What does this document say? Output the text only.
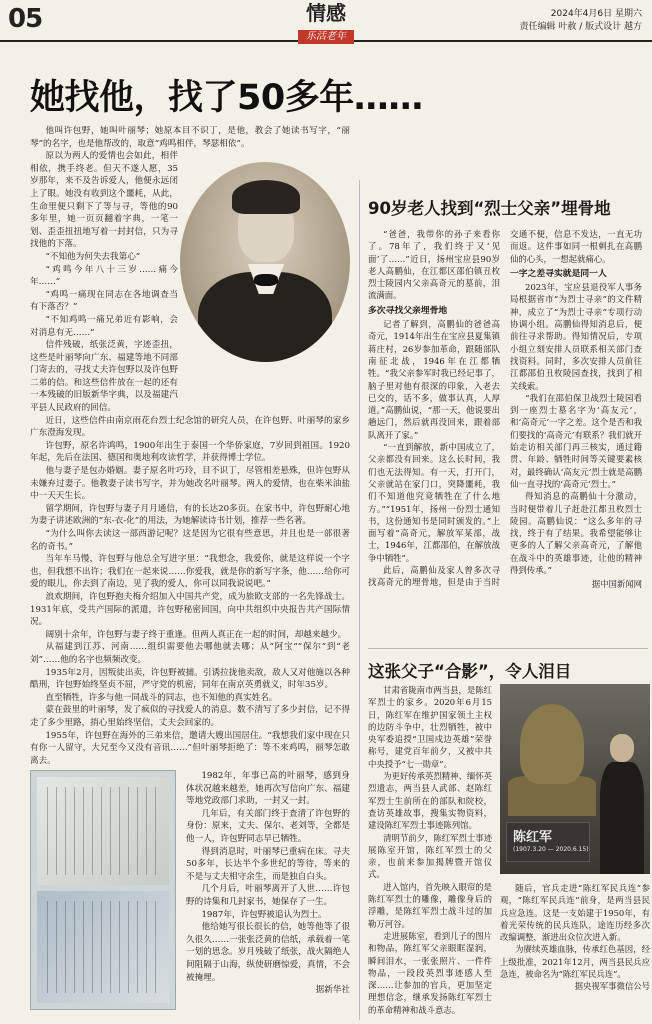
05	情感
乐活老年
2024年4月6日 星期六
责任编辑 叶赦 / 版式设计 越方
她找他，找了50多年……

他叫许包野，她叫叶丽琴；她原本目不识丁，是他，教会了她读书写字，“丽琴”的名字，也是他帮改的，取意“鸡鸣相伴，琴瑟相依”。

原以为两人的爱情也会如此，相伴相依，携手终老。但天不遂人愿，35岁那年，来不及告诉爱人，他便永远闭上了眼。她没有收到这个噩耗，从此，生命里便只剩下了等与寻，等他的90多年里，她一页页翻着字典，一笔一划、歪歪扭扭地写着一封封信，只为寻找他的下落。

“不知他为何失去我第心”

“鸡鸣今年八十三岁……痛今年……”

“鸡鸣一痛现在同志在各地调查当有下落否？”

“不知鸡鸣一痛兄弟近有影响，会对消息有无……”

信件残破，纸张泛黄，字迹歪扭，这些是叶丽琴向广东、福建等地不同部门寄去的，寻找丈夫许包野以及许包野二弟的信。和这些信件放在一起的还有一本残破的旧版新华字典，以及福建汽平县人民政府的回信。

近日，这些信件由南京雨花台烈士纪念馆的研究人员，在许包野、叶丽琴的家乡广东澄海发现。

许包野，原名许鸿鸣，1900年出生于泰国一个华侨家庭，7岁回到祖国。1920年起，先后在法国、德国和奥地利攻读哲学，并获得博士学位。

他与妻子是包办婚姻。妻子原名叶巧玲，目不识丁，尽管相差悬殊，但许包野从未嫌弃过妻子。他教妻子读书写字，并为她改名叶丽琴。两人的爱情，也在柴米油盐中一天天生长。

留学期间，许包野与妻子月月通信，有的长达20多页。在家书中，许包野耐心地为妻子讲述欧洲的“东-衣-化”的用法，为她解读诗书计划，推荐一些名著。

“为什么叫你去读这一部西游记呢？这是因为它很有些意思，并且也是一部很著名的奇书。”

当年车马慢，许包野与他总全写进字里：“我想念，我爱你，就是这样说一个字也，但我想不出许；我们在一起来说……你爱我，就是你的新写字条，他……给你可爱的眼儿，你去到了南边，见了我的爱人，你可以同我说说吧。”

浪欢期间，许包野抱夫梅介绍加入中国共产党，成为旅欧支部的一名先锋战士。1931年底，受共产国际的派遣，许包野秘密回国，向中共组织中央报告共产国际情况。

阔别十余年，许包野与妻子终于重逢。但两人真正在一起的时间，却越来越少。

从福建到江苏、河南……组织需要他去哪他就去哪；从“阿宝”“保尔”到“老刘”……他的名字也频频改变。

1935年2月，因叛徒出卖，许包野被捕。引诱拉拢他卖敌，敌人又对他施以各种酷刑，许包野始终坚贞不屈，严守党的机密，同年在南京英勇就义，时年35岁。

直至牺牲，许多与他一同战斗的同志，也不知他的真实姓名。

蒙在鼓里的叶丽琴，发了疯似的寻找爱人的消息。数不清写了多少封信，记不得走了多少里路，捎心里始终坚信，丈夫会回家的。

1955年，许包野在海外的三弟来信，邀请大嫂出国居住。“我想我们家中现在只有你一人留守，大兄至今又没有音讯……”但叶丽琴拒绝了：等不来鸡鸣，丽琴怎敢离去。

1982年，年事已高的叶丽琴，感到身体状况越来越差，她再次写信向广东、福建等地党政部门求助，一封又一封。

几年后，有关部门终于查清了许包野的身份：原来，丈夫、保尔、老刘等，全都是他一人，许包野同志早已牺牲。

得到消息时，叶丽琴已重病在床。寻夫50多年，长达半个多世纪的等待，等来的不是与丈夫相守余生，而是独自白头。

几个月后，叶丽琴离开了人世……许包野的诗集和几封家书，她保存了一生。

1987年，许包野被追认为烈士。

他给她写很长很长的信，她等他等了很久很久……一张张泛黄的信纸，承载着一笔一划的思念。岁月残破了纸张，战火隔绝人间阻隔于山海，纵使研磨惊爱，真情，不会被掩埋。

据新华社
90岁老人找到“烈士父亲”埋骨地

“爸爸，我带你的孙子来看你了。78年了，我们终于又‘见面’了……”近日，扬州宝应县90岁老人高鹏仙，在江都区邵伯镇丑枚烈士陵园内父亲高奇元的墓前，泪流满面。

多次寻找父亲埋骨地

记者了解到，高鹏仙的爸爸高奇元，1914年出生在宝应县夏集镇蒋庄村，26岁参加革命，跟随部队南征北战，1946年在江都牺牲。“我父亲参军时我已经记事了，脑子里对他有很深的印象，入老去已交的，话不多，做事认真，人厚道。”高鹏仙说，“那一天，他说要出趟远门，然后就再没回来，跟着部队离开了家。”

“一直到解放，新中国成立了，父亲都没有回来。这么长时间，我们也无法得知。有一天，打开门，父亲就站在家门口，突降噩耗，我们不知道他究竟牺牲在了什么地方。”“1951年，扬州一份烈士通知书，这份通知书是同时颁发的。”上面写着“高奇元，解放军某部，战士，1946年，江都邵伯，在解放战争中牺牲”。

此后，高鹏仙及家人曾多次寻找高奇元的埋骨地，但是由于当时交通不便，信息不发达，一直无功而返。这件事如同一根刺扎在高鹏仙的心头，一想起就痛心。

一字之差寻实就是同一人

2023年，宝应县退役军人事务局根据省市“为烈士寻亲”的文件精神，成立了“为烈士寻亲”专项行动协调小组。高鹏仙得知消息后，便前往寻求帮助。得知情况后，专项小组立刻安排人员联系相关部门查找资料。同时，多次安排人员前往江都邵伯丑枚陵园查找，找到了相关线索。

“我们在邵伯保卫战烈士陵园看到一座烈士墓名字为‘高友元’，和‘高奇元’一字之差。这个是否和我们要找的‘高奇元’有联系？我们就开始走访相关部门再三核实，通过籍贯、年龄、牺牲时间等关键要素核对，最终确认‘高友元’烈士就是高鹏仙一直寻找的‘高奇元’烈士。”

得知消息的高鹏仙十分激动，当时便带着儿子赶赴江都丑枚烈士陵园。高鹏仙说：“这么多年的寻找，终于有了结果。我希望能够让更多的人了解父亲高奇元，了解他在战斗中的英雄事迹，让他的精神得到传承。”

据中国新闻网
这张父子“合影”，令人泪目
陈红军
(1907.3.20 — 2020.6.15)

甘肃省陇南市两当县，是陈红军烈士的家乡。2020年6月15日，陈红军在维护国家领土主权的边防斗争中，壮烈牺牲，被中央军委追授“卫国戍边英雄”荣誉称号，建党百年前夕，又被中共中央授予“七一勋章”。

为更好传承英烈精神、缅怀英烈遗志，两当县人武部、赵陈红军烈士生前所在的部队和院校，查访英雄故事，搜集实物资料，建设陈红军烈士事迹陈列馆。

清明节前夕，陈红军烈士事迹展陈室开馆，陈红军烈士的父亲，也前来参加揭牌暨开馆仪式。

进入馆内，首先映入眼帘的是陈红军烈士的雕像，雕像身后的浮雕，是陈红军烈士战斗过的加勒万河谷。

走进展陈室，看到儿子的图片和物品，陈红军父亲眼眶湿润，瞬间泪水，一张张照片、一件件物品，一段段英烈事迹感人至深……让参加的官兵，更加坚定理想信念，继承发扬陈红军烈士的革命精神和战斗意志。

随后，官兵走进“陈红军民兵连”参观，“陈红军民兵连”前身，是两当县民兵应急连。这是一支始建于1950年，有着光荣传统的民兵连队，途连历经多次改编调整，渐进出众位次进入新。

为赓续英雄血脉，传承红色基因，经上级批准，2021年12月，两当县民兵应急连，被命名为“陈红军民兵连”。

据央视军事微信公号
